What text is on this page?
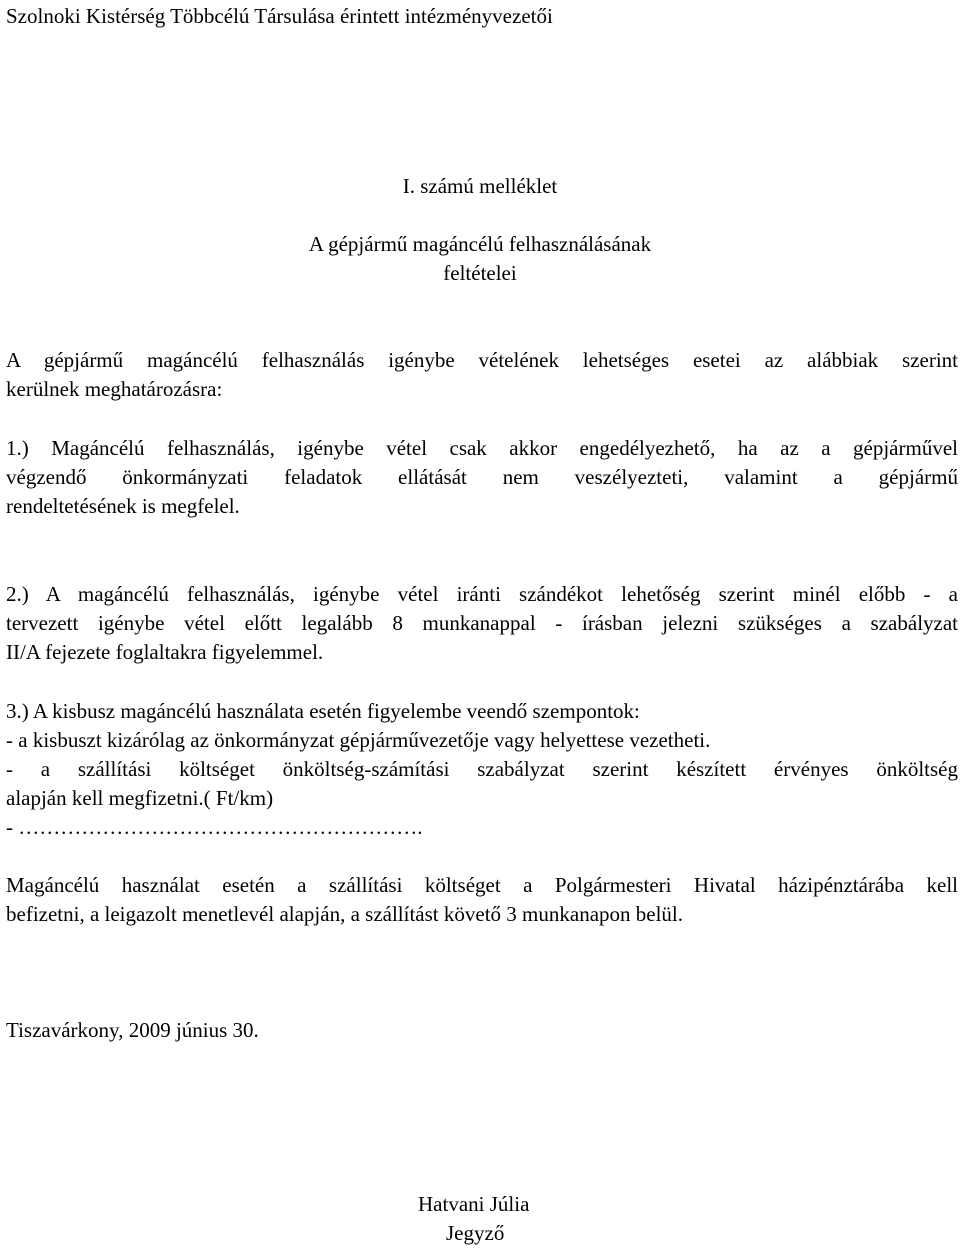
Szolnoki Kistérség Többcélú Társulása érintett intézményvezetői
I. számú melléklet
A gépjármű magáncélú felhasználásának
feltételei
A gépjármű magáncélú felhasználás igénybe vételének lehetséges esetei az alábbiak szerint
kerülnek meghatározásra:
1.) Magáncélú felhasználás, igénybe vétel csak akkor engedélyezhető, ha az a gépjárművel
végzendő önkormányzati feladatok ellátását nem veszélyezteti, valamint a gépjármű
rendeltetésének is megfelel.
2.) A magáncélú felhasználás, igénybe vétel iránti szándékot lehetőség szerint minél előbb - a
tervezett igénybe vétel előtt legalább 8 munkanappal - írásban jelezni szükséges a szabályzat
II/A fejezete foglaltakra figyelemmel.
3.) A kisbusz magáncélú használata esetén figyelembe veendő szempontok:
- a kisbuszt kizárólag az önkormányzat gépjárművezetője vagy helyettese vezetheti.
- a szállítási költséget önköltség-számítási szabályzat szerint készített érvényes önköltség
alapján kell megfizetni.( Ft/km)
- ………………………………………………….
Magáncélú használat esetén a szállítási költséget a Polgármesteri Hivatal házipénztárába kell
befizetni, a leigazolt menetlevél alapján, a szállítást követő 3 munkanapon belül.
Tiszavárkony, 2009 június 30.
Hatvani Júlia
Jegyző
